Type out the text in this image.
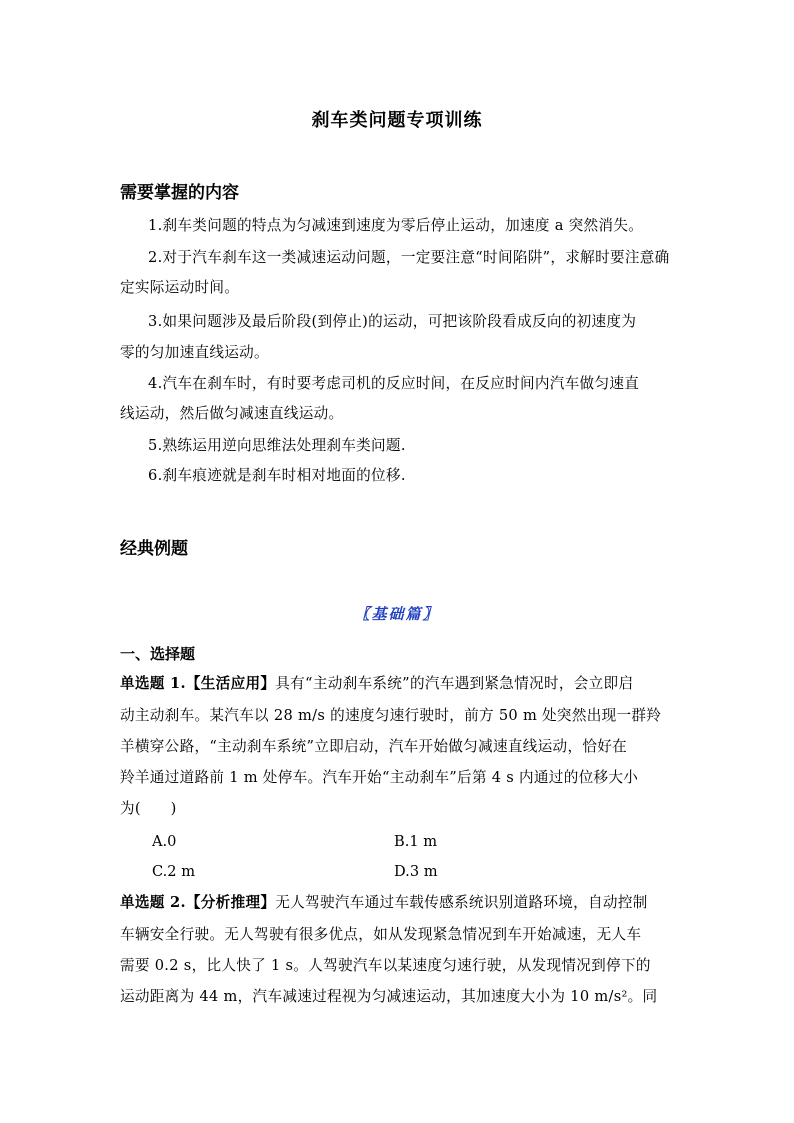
刹车类问题专项训练
需要掌握的内容
1.刹车类问题的特点为匀减速到速度为零后停止运动，加速度 a 突然消失。
2.对于汽车刹车这一类减速运动问题，一定要注意“时间陷阱”，求解时要注意确
定实际运动时间。
3.如果问题涉及最后阶段(到停止)的运动，可把该阶段看成反向的初速度为
零的匀加速直线运动。
4.汽车在刹车时，有时要考虑司机的反应时间，在反应时间内汽车做匀速直
线运动，然后做匀减速直线运动。
5.熟练运用逆向思维法处理刹车类问题.
6.刹车痕迹就是刹车时相对地面的位移.
经典例题
〖基础篇〗
一、选择题
单选题 1.【生活应用】具有“主动刹车系统”的汽车遇到紧急情况时，会立即启
动主动刹车。某汽车以 28 m/s 的速度匀速行驶时，前方 50 m 处突然出现一群羚
羊横穿公路，“主动刹车系统”立即启动，汽车开始做匀减速直线运动，恰好在
羚羊通过道路前 1 m 处停车。汽车开始“主动刹车”后第 4 s 内通过的位移大小
为(　　)
A.0	B.1 m
C.2 m	D.3 m
单选题 2.【分析推理】无人驾驶汽车通过车载传感系统识别道路环境，自动控制
车辆安全行驶。无人驾驶有很多优点，如从发现紧急情况到车开始减速，无人车
需要 0.2 s，比人快了 1 s。人驾驶汽车以某速度匀速行驶，从发现情况到停下的
运动距离为 44 m，汽车减速过程视为匀减速运动，其加速度大小为 10 m/s²。同
